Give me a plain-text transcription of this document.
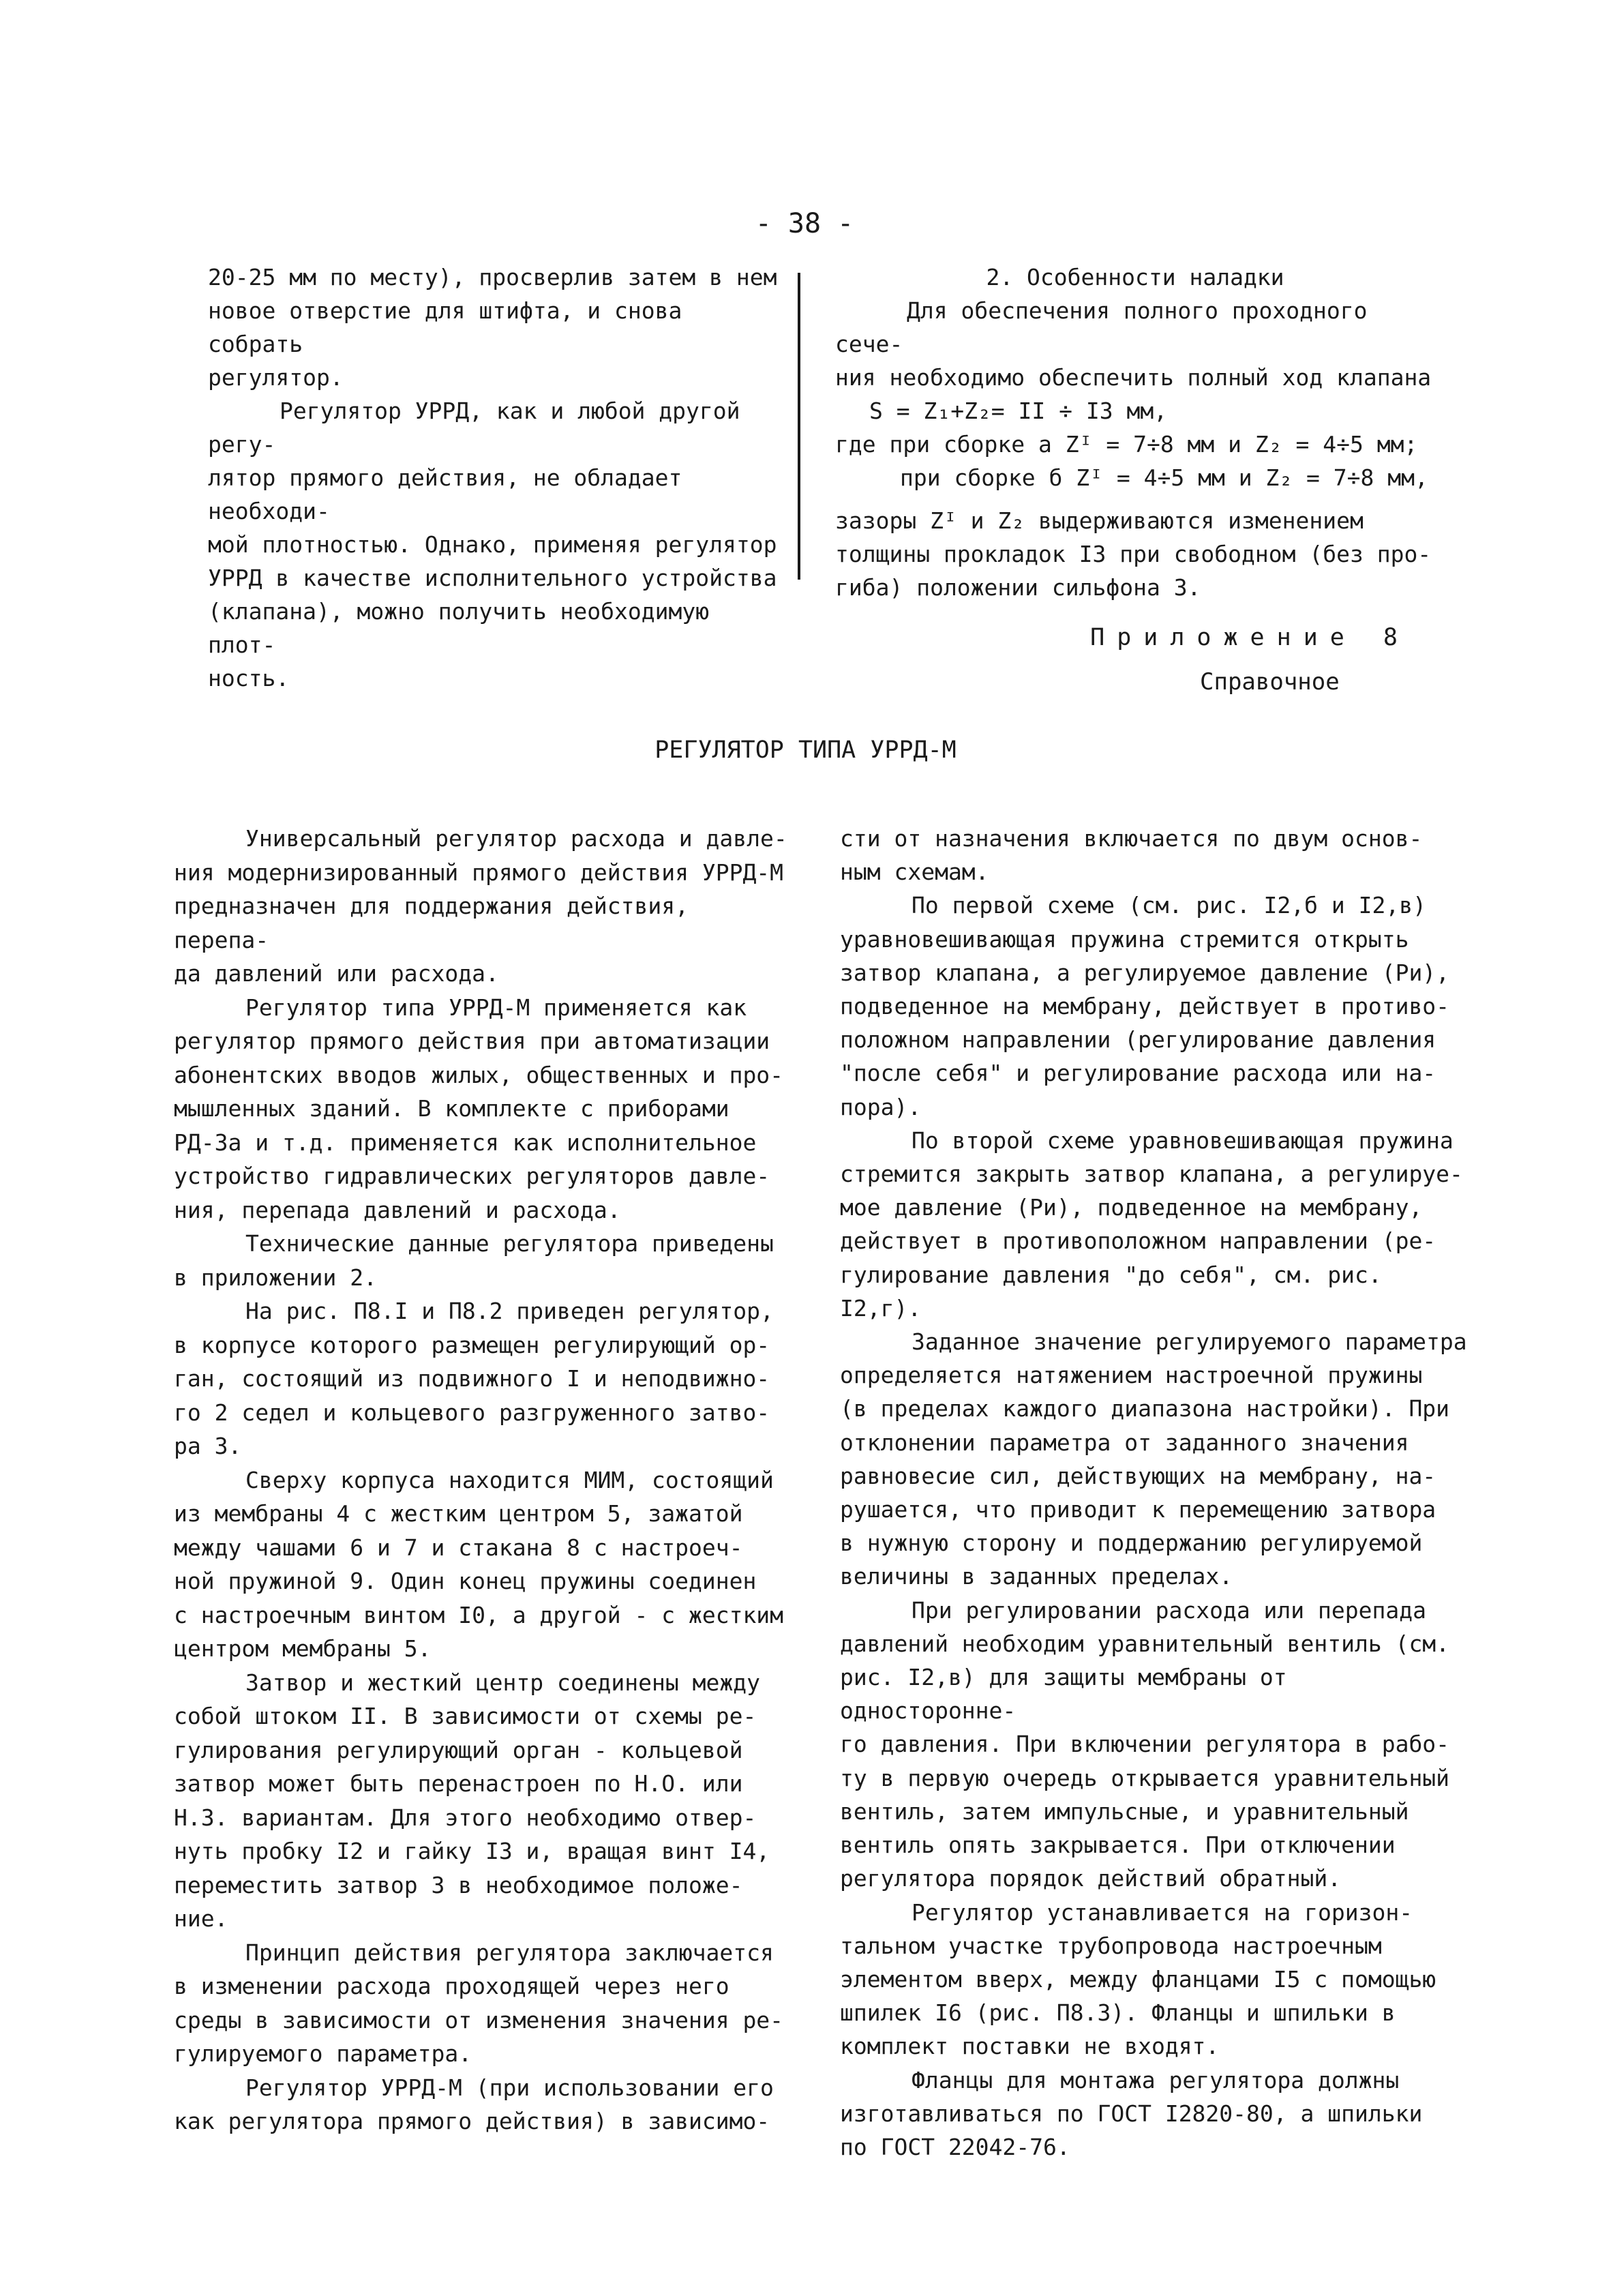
- 38 -

20-25 мм по месту), просверлив затем в нем

новое отверстие для штифта, и снова собрать

регулятор.

Регулятор УРРД, как и любой другой регу-

лятор прямого действия, не обладает необходи-

мой плотностью. Однако, применяя регулятор

УРРД в качестве исполнительного устройства

(клапана), можно получить необходимую плот-

ность.

2. Особенности наладки

Для обеспечения полного проходного сече-

ния необходимо обеспечить полный ход клапана

S = Z₁+Z₂= II ÷ I3 мм,

где при сборке а Zᴵ = 7÷8 мм и Z₂ = 4÷5 мм;

при сборке б Zᴵ = 4÷5 мм и Z₂ = 7÷8 мм,

зазоры Zᴵ и Z₂ выдерживаются изменением

толщины прокладок I3 при свободном (без про-

гиба) положении сильфона 3.

Приложение 8
Справочное
РЕГУЛЯТОР ТИПА УРРД-М

Универсальный регулятор расхода и давле-

ния модернизированный прямого действия УРРД-М

предназначен для поддержания действия, перепа-

да давлений или расхода.

Регулятор типа УРРД-М применяется как

регулятор прямого действия при автоматизации

абонентских вводов жилых, общественных и про-

мышленных зданий. В комплекте с приборами

РД-3а и т.д. применяется как исполнительное

устройство гидравлических регуляторов давле-

ния, перепада давлений и расхода.

Технические данные регулятора приведены

в приложении 2.

На рис. П8.I и П8.2 приведен регулятор,

в корпусе которого размещен регулирующий ор-

ган, состоящий из подвижного I и неподвижно-

го 2 седел и кольцевого разгруженного затво-

ра 3.

Сверху корпуса находится МИМ, состоящий

из мембраны 4 с жестким центром 5, зажатой

между чашами 6 и 7 и стакана 8 с настроеч-

ной пружиной 9. Один конец пружины соединен

с настроечным винтом I0, а другой - с жестким

центром мембраны 5.

Затвор и жесткий центр соединены между

собой штоком II. В зависимости от схемы ре-

гулирования регулирующий орган - кольцевой

затвор может быть перенастроен по Н.О. или

Н.З. вариантам. Для этого необходимо отвер-

нуть пробку I2 и гайку I3 и, вращая винт I4,

переместить затвор 3 в необходимое положе-

ние.

Принцип действия регулятора заключается

в изменении расхода проходящей через него

среды в зависимости от изменения значения ре-

гулируемого параметра.

Регулятор УРРД-М (при использовании его

как регулятора прямого действия) в зависимо-

сти от назначения включается по двум основ-

ным схемам.

По первой схеме (см. рис. I2,б и I2,в)

уравновешивающая пружина стремится открыть

затвор клапана, а регулируемое давление (Pи),

подведенное на мембрану, действует в противо-

положном направлении (регулирование давления

"после себя" и регулирование расхода или на-

пора).

По второй схеме уравновешивающая пружина

стремится закрыть затвор клапана, а регулируе-

мое давление (Pи), подведенное на мембрану,

действует в противоположном направлении (ре-

гулирование давления "до себя", см. рис. I2,г).

Заданное значение регулируемого параметра

определяется натяжением настроечной пружины

(в пределах каждого диапазона настройки). При

отклонении параметра от заданного значения

равновесие сил, действующих на мембрану, на-

рушается, что приводит к перемещению затвора

в нужную сторону и поддержанию регулируемой

величины в заданных пределах.

При регулировании расхода или перепада

давлений необходим уравнительный вентиль (см.

рис. I2,в) для защиты мембраны от односторонне-

го давления. При включении регулятора в рабо-

ту в первую очередь открывается уравнительный

вентиль, затем импульсные, и уравнительный

вентиль опять закрывается. При отключении

регулятора порядок действий обратный.

Регулятор устанавливается на горизон-

тальном участке трубопровода настроечным

элементом вверх, между фланцами I5 с помощью

шпилек I6 (рис. П8.3). Фланцы и шпильки в

комплект поставки не входят.

Фланцы для монтажа регулятора должны

изготавливаться по ГОСТ I2820-80, а шпильки

по ГОСТ 22042-76.
